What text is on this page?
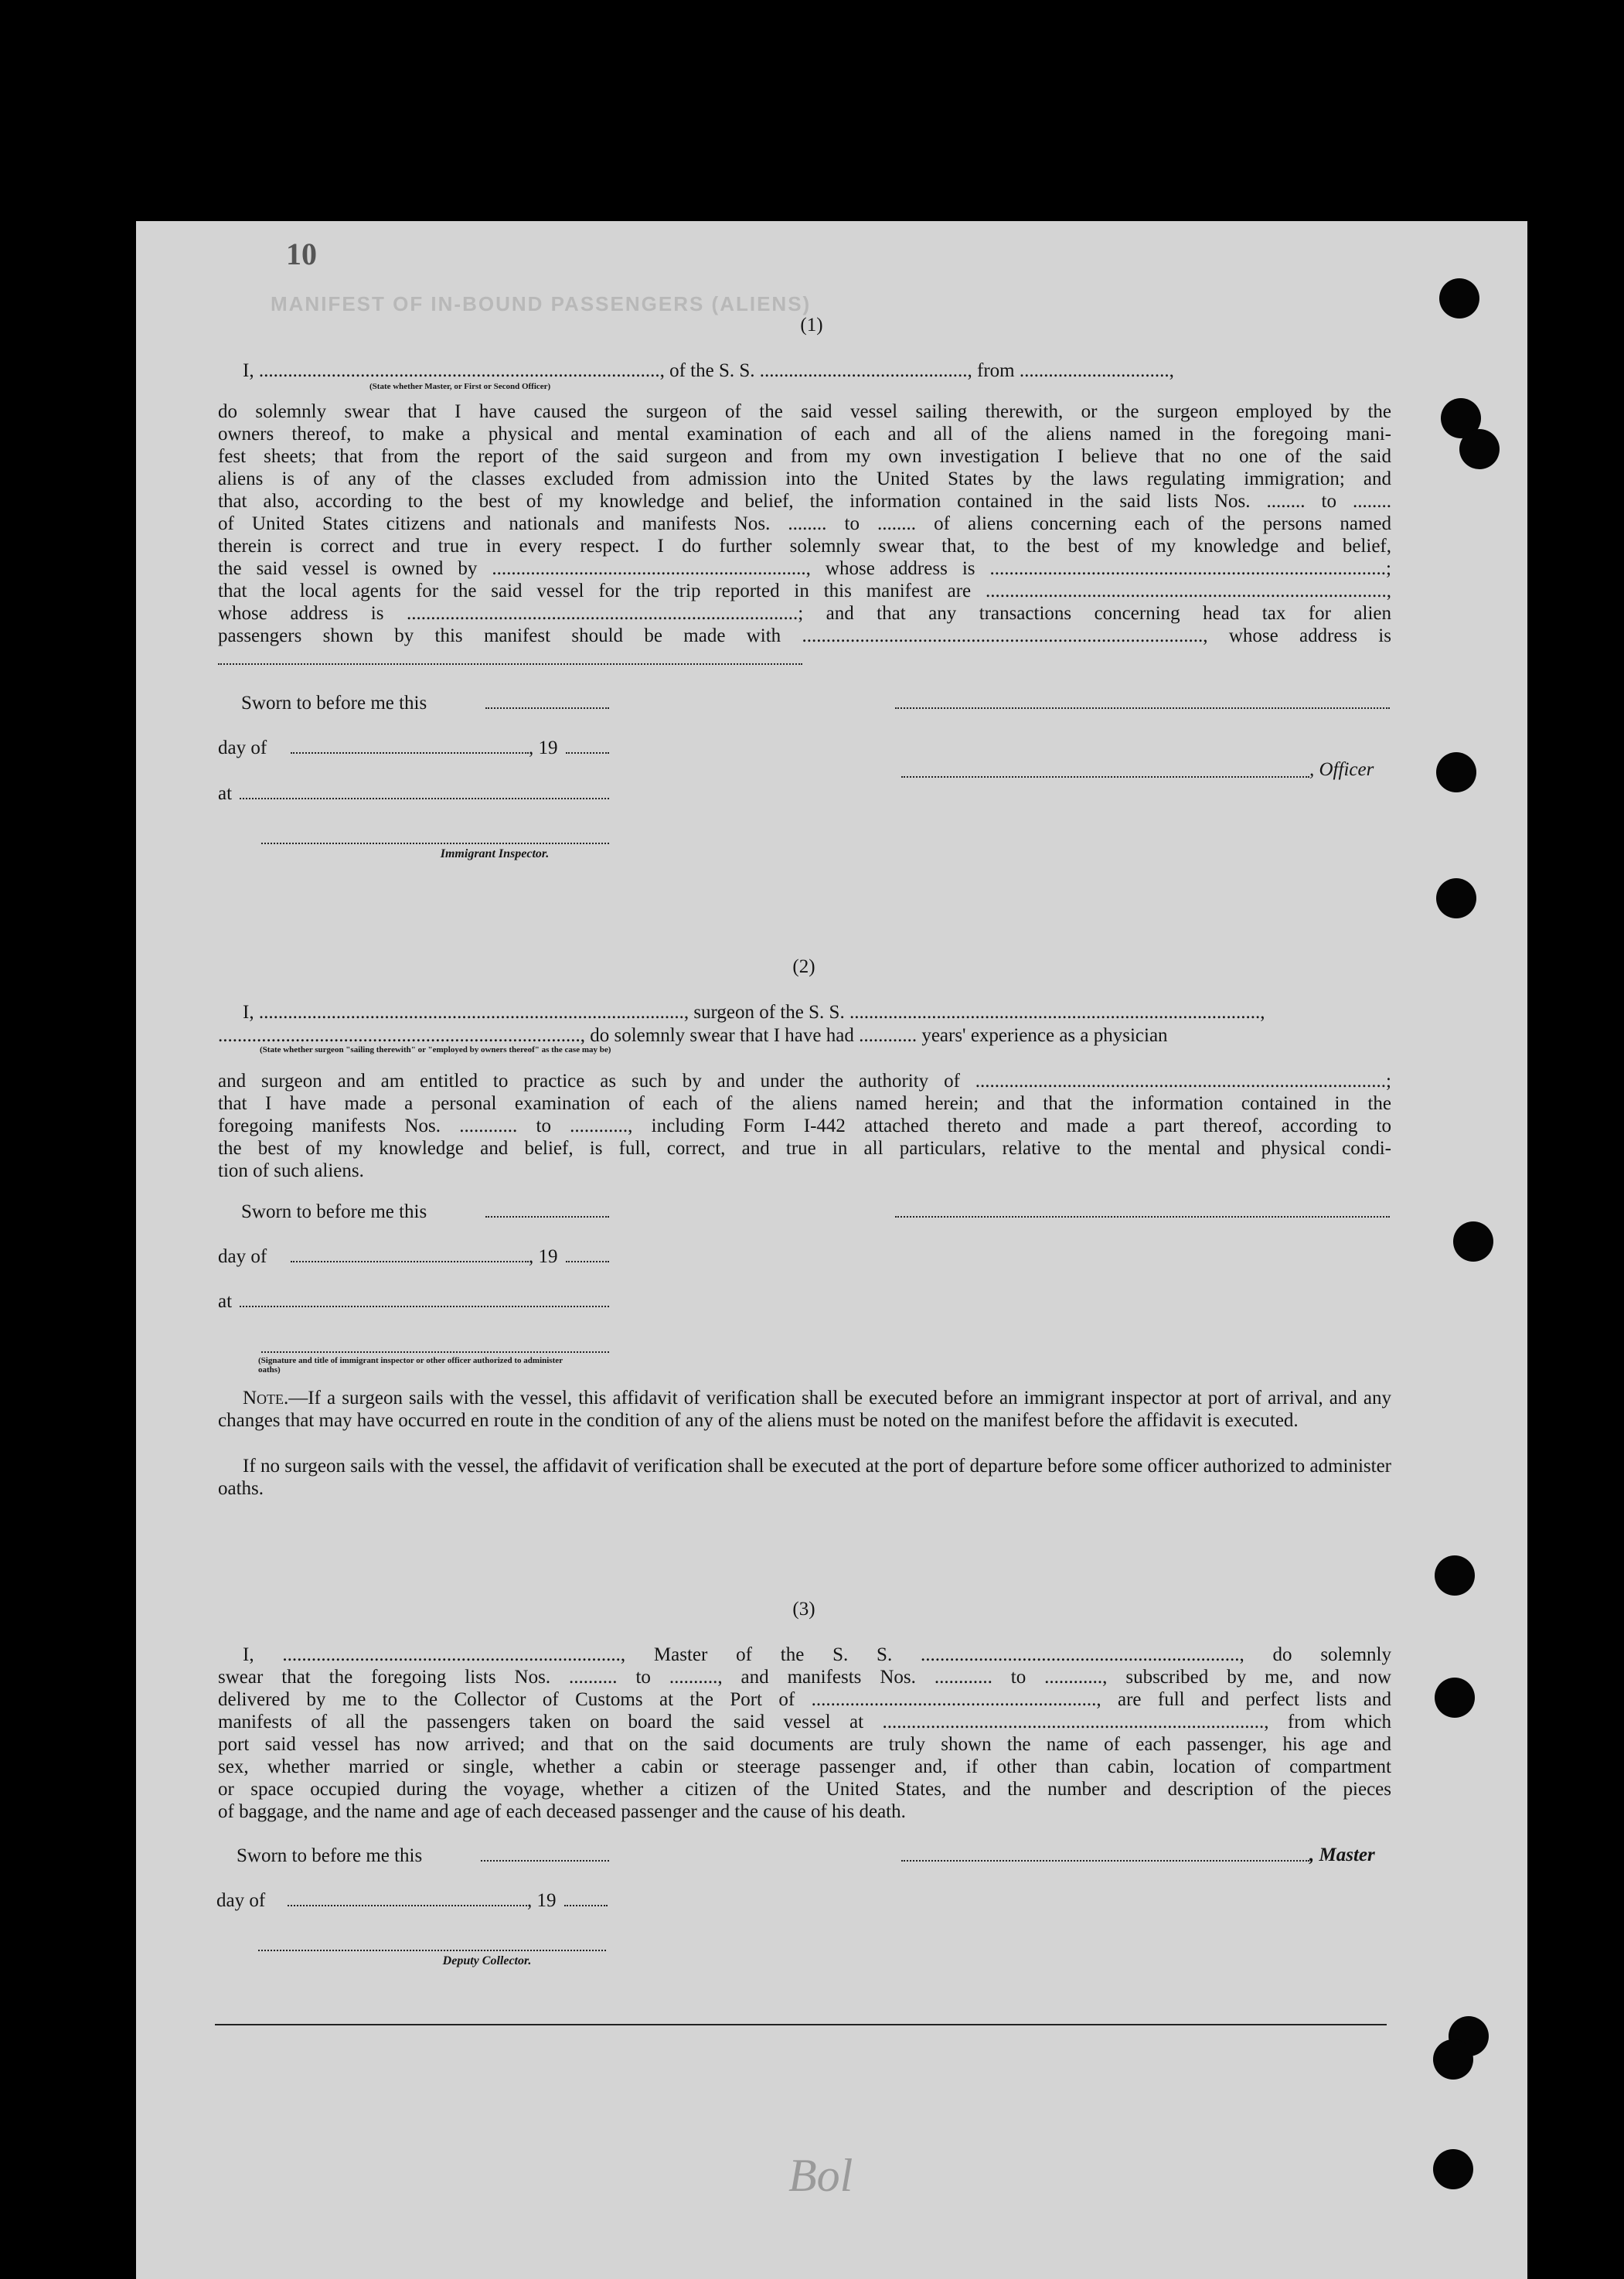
10
MANIFEST OF IN-BOUND PASSENGERS (ALIENS)
(1)

I, ..................................................................................., of the S. S. ..........................................., from ...............................,

(State whether Master, or First or Second Officer)

do solemnly swear that I have caused the surgeon of the said vessel sailing therewith, or the surgeon employed by the

owners thereof, to make a physical and mental examination of each and all of the aliens named in the foregoing mani-

fest sheets; that from the report of the said surgeon and from my own investigation I believe that no one of the said

aliens is of any of the classes excluded from admission into the United States by the laws regulating immigration; and

that also, according to the best of my knowledge and belief, the information contained in the said lists Nos. ........ to ........

of United States citizens and nationals and manifests Nos. ........ to ........ of aliens concerning each of the persons named

therein is correct and true in every respect. I do further solemnly swear that, to the best of my knowledge and belief,

the said vessel is owned by ................................................................., whose address is ..................................................................................;

that the local agents for the said vessel for the trip reported in this manifest are ...................................................................................,

whose address is .................................................................................; and that any transactions concerning head tax for alien

passengers shown by this manifest should be made with ..................................................................................., whose address is

Sworn to before me this
day of	, 19
, Officer
at
Immigrant Inspector.
(2)

I, ........................................................................................, surgeon of the S. S. .....................................................................................,

..........................................................................., do solemnly swear that I have had ............ years' experience as a physician

(State whether surgeon "sailing therewith" or "employed by owners thereof" as the case may be)

and surgeon and am entitled to practice as such by and under the authority of .....................................................................................;

that I have made a personal examination of each of the aliens named herein; and that the information contained in the

foregoing manifests Nos. ............ to ............, including Form I-442 attached thereto and made a part thereof, according to

the best of my knowledge and belief, is full, correct, and true in all particulars, relative to the mental and physical condi-

tion of such aliens.

Sworn to before me this
day of	, 19
at
(Signature and title of immigrant inspector or other officer authorized to administer oaths)

Note.—If a surgeon sails with the vessel, this affidavit of verification shall be executed before an immigrant inspector at port of arrival, and any changes that may have occurred en route in the condition of any of the aliens must be noted on the manifest before the affidavit is executed.

If no surgeon sails with the vessel, the affidavit of verification shall be executed at the port of departure before some officer authorized to administer oaths.

(3)

I, ......................................................................, Master of the S. S. .................................................................., do solemnly

swear that the foregoing lists Nos. .......... to .........., and manifests Nos. ............ to ............, subscribed by me, and now

delivered by me to the Collector of Customs at the Port of ..........................................................., are full and perfect lists and

manifests of all the passengers taken on board the said vessel at ..............................................................................., from which

port said vessel has now arrived; and that on the said documents are truly shown the name of each passenger, his age and

sex, whether married or single, whether a cabin or steerage passenger and, if other than cabin, location of compartment

or space occupied during the voyage, whether a citizen of the United States, and the number and description of the pieces

of baggage, and the name and age of each deceased passenger and the cause of his death.

Sworn to before me this	, Master
day of	, 19
Deputy Collector.
Bol
